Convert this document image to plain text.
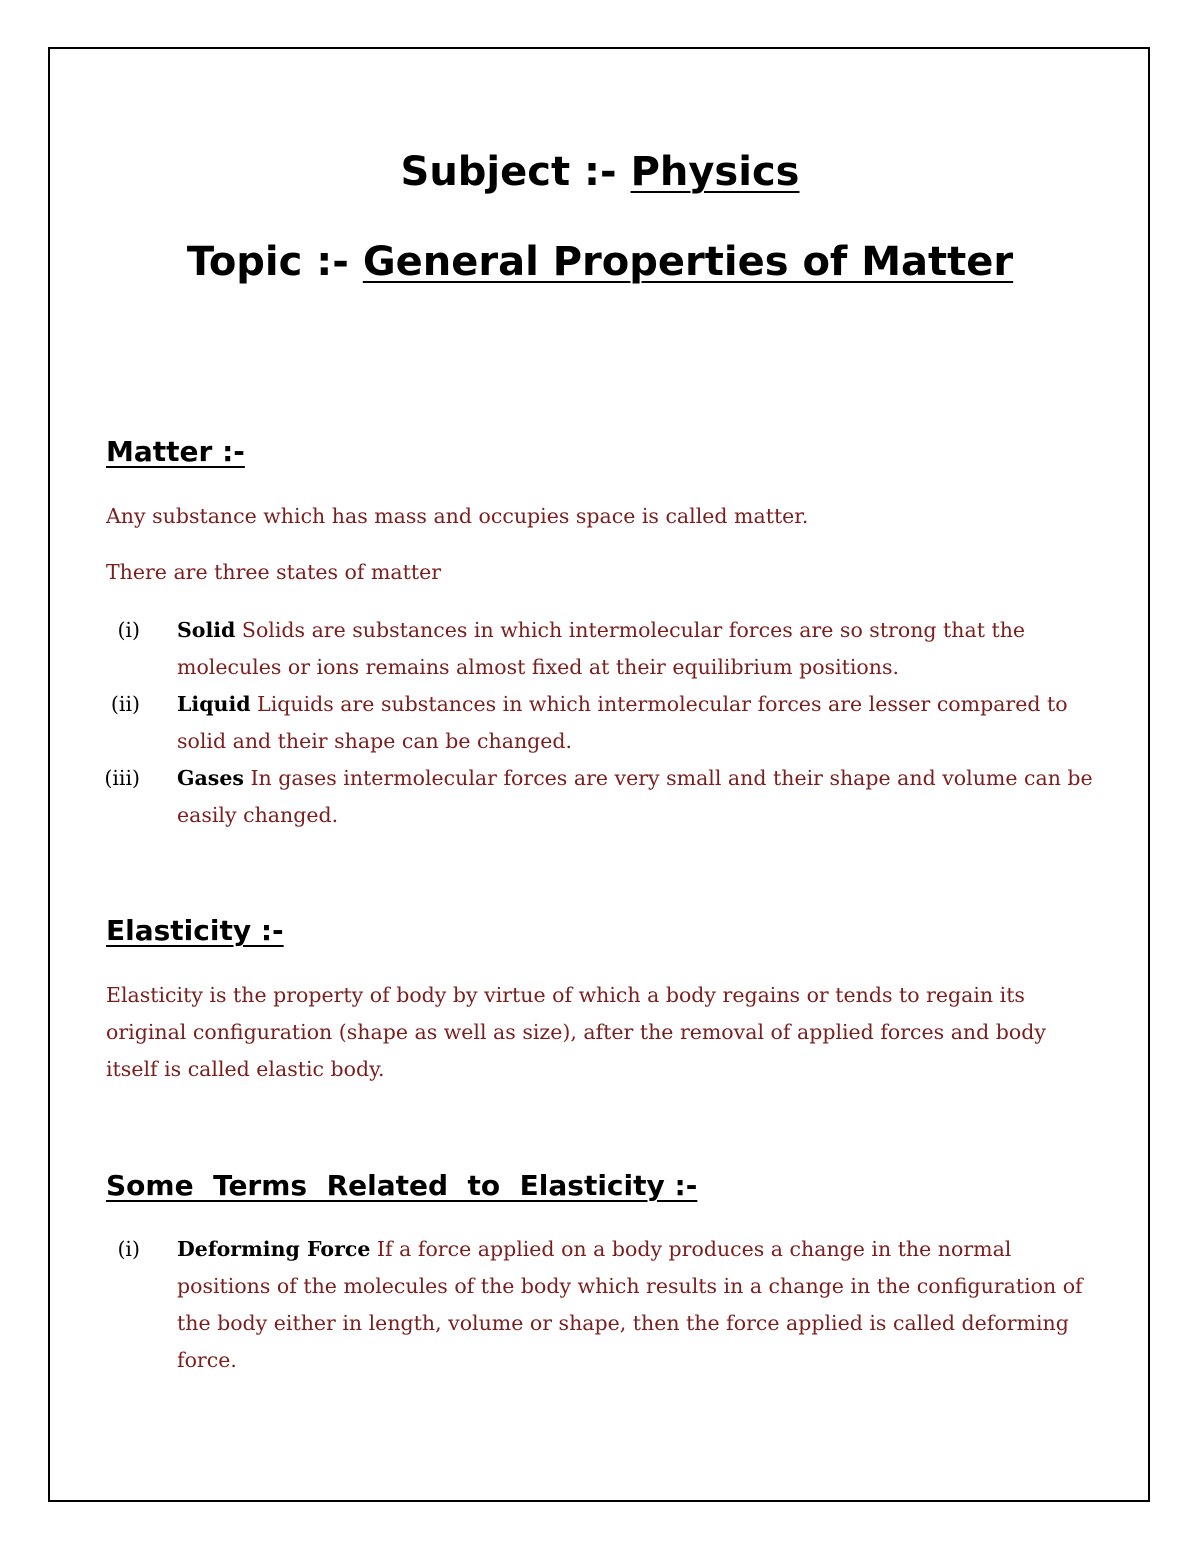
Subject :- Physics
Topic :- General Properties of Matter
Matter :-
Any substance which has mass and occupies space is called matter.
There are three states of matter
(i) Solid Solids are substances in which intermolecular forces are so strong that the molecules or ions remains almost fixed at their equilibrium positions.
(ii) Liquid Liquids are substances in which intermolecular forces are lesser compared to solid and their shape can be changed.
(iii) Gases In gases intermolecular forces are very small and their shape and volume can be easily changed.
Elasticity :-
Elasticity is the property of body by virtue of which a body regains or tends to regain its original configuration (shape as well as size), after the removal of applied forces and body itself is called elastic body.
Some  Terms  Related  to  Elasticity :-
(i) Deforming Force If a force applied on a body produces a change in the normal positions of the molecules of the body which results in a change in the configuration of the body either in length, volume or shape, then the force applied is called deforming force.
